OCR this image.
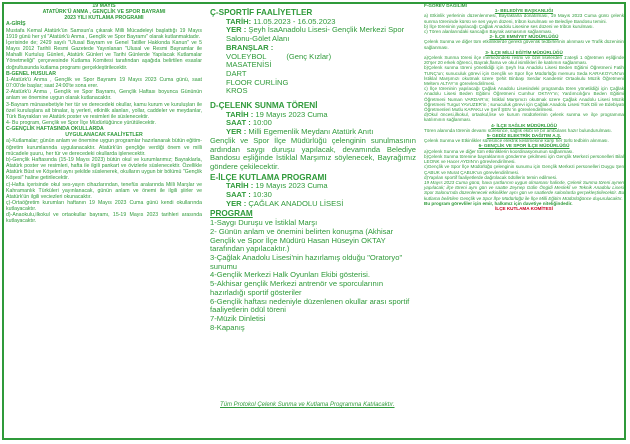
19 MAYIS
ATATÜRK'Ü ANMA , GENÇLİK VE SPOR BAYRAMI
2023 YILI KUTLAMA PROGRAMI
A-GİRİŞ

Mustafa Kemal Atatürk'ün Samsun'a çıkarak Milli Mücadeleyi başlattığı 19 Mayıs 1919 günü her yıl "Atatürk'ü Anma , Gençlik ve Spor Bayramı" olarak kutlanmaktadır.

İçerisinde de; 2429 sayılı "Ulusal Bayram ve Genel Tatiller Hakkında Kanun" ve 5 Mayıs 2012 Tarihli Resmi Gazetede Yayınlanan "Ulusal ve Resmi Bayramlar ile Mahalli Kurtuluş Günleri, Atatürk Günleri ve Tarihi Günlerde Yapılacak Kutlamalar Yönetmeliği" çerçevesinde Kutlama Komitesi tarafından aşağıda belirtilen esaslar doğrultusunda kutlama programı gerçekleştirilecektir.

B-GENEL HUSULAR

1-Atatürk'ü Anma , Gençlik ve Spor Bayramı 19 Mayıs 2023 Cuma günü, saat 07:00'de başlar; saat 24:00'te sona erer.

2-Atatürk'ü Anma , Gençlik ve Spor Bayramı, Gençlik Haftası boyunca Gününün anlam ve önemine uygun olarak kutlanacaktır.

3-Bayram münasebetiyle her tür ve derecedeki okullar, kamu kurum ve kuruluşları ile özel kuruluşlara ait binalar, iş yerleri, etkinlik alanları, yollar, caddeler ve meydanlar, Türk Bayrakları ve Atatürk poster ve resimleri ile süslenecektir.

4- Bu program, Gençlik ve Spor İlçe Müdürlüğünce yürütülecektir.

C-GENÇLİK HAFTASINDA OKULLARDA
UYGULANACAK FAALİYETLER

a)-Kutlamalar; günün anlam ve önemine uygun programlar hazırlanarak bütün eğitim-öğretim kurumlarında uygulanacaktır. Atatürk'ün gençliğe verdiği önem ve milli mücadele şuuru, her tür ve derecedeki okullarda işlenecektir.

b)-Gençlik Haftasında (15-19 Mayıs 2023) bütün okul ve kurumlarımız; Bayraklarla, Atatürk poster ve resimleri, hafta ile ilgili pankart ve övizlerle süslenecektir. Özellikle Atatürk Büst ve Köşeleri aynı şekilde süslenerek, okulların uygun bir bölümü "Gençlik Köşesi" haline getirilecektir.

c)-Hafta içerisinde okul ses-yayın cihazlarından, tenefüs aralarında Milli Marşlar ve Kahramanlık Türküleri yayınlanacak, günün anlam ve önemi ile ilgili şiirler ve Atatürk'ün ilgili veciezleri okunacaktır.

ç)-Ortaöğretim kurumları haftanın 19 Mayıs 2023 Cuma günü kendi okullarında kutlayacaktır.

d)-Anaokulu,ilkokul ve ortaokullar bayramı, 15-19 Mayıs 2023 tarihleri arasında kutlayacaktır.

Ç-SPORTİF FAALİYETLER

TARİH: 11.05.2023 - 16.05.2023

YER : Şeyh İsaAnadolu Lisesi- Gençlik Merkezi Spor Salonu-Gölet Alanı

BRANŞLAR :

VOLEYBOL	(Genç Kızlar)

MASATENİSİ

DART

FLOOR CURLİNG

KROS

D-ÇELENK SUNMA TÖRENİ

TARİH : 19 Mayıs 2023 Cuma

SAAT : 10:00

YER : Milli Egemenlik Meydanı Atatürk Anıtı

Gençlik ve Spor İlçe Müdürlüğü çelenginin sunulmasının ardından saygı duruşu yapılacak, devamında Belediye Bandosu eşliğinde İstiklal Marşımız söylenecek, Bayrağımız göndere çekilecektir.

E-İLÇE KUTLAMA PROGRAMI

TARİH : 19 Mayıs 2023 Cuma

SAAT : 10:30

YER : ÇAĞLAK ANADOLU LİSESİ

PROGRAM

1-Saygı Duruşu ve İstiklal Marşı

2- Günün anlam ve önemini belirten konuşma (Akhisar Gençlik ve Spor İlçe Müdürü Hasan Hüseyin OKTAY tarafından yapılacaktır.)

3-Çağlak Anadolu Lisesi'nin hazırlamış olduğu "Oratoryo" sunumu

4-Gençlik Merkezi Halk Oyunları Ekibi gösterisi.

5-Akhisar gençlik Merkezi antrenör ve sporcularının hazırladığı sportif gösteriler

6-Gençlik haftası nedeniyle düzenlenen okullar arası sportif faaliyetlerin ödül töreni

7-Müzik Dinletisi

8-Kapanış

Tüm Protokol Çelenk Sunma ve Kutlama Programına Katılacaktır.
F-GÖREV DAĞILIMI
1- BELEDİYE BAŞKANLIĞI

a) Etkinlik yerlerinin düzenlenmesi, Bayraklarla donatılması, 19 Mayıs 2023 Cuma günü çelenk sunma töreninde kürsü ve ses yayın düzeni, tribün kurulması ve Belediye Bandosu temini.

b) İlçe töreninin yapılacağı Çağlak Anadolu Lisesine ses düzeni ve tribün kurulması.

c) Tören alanlarındaki sancağın Bayrak asmasının sağlanması.

2- İLÇE EMNİYET MÜDÜRLÜĞÜ

Çelenk Sunma ve diğer tüm etkinliklerde gerekli güvenlik tedbirlerinin alınması ve Trafik düzeninin sağlanması.

3- İLÇE MİLLİ EĞİTİM MÜDÜRLÜĞÜ

a)Çelenk Sunma töreni ilçe merkezindeki resmi ve özel liselerden 1'ateşli 1 öğretmen eşliğinde 20'şer 20 erkek öğrenci, Bayrak,flama ve okul isimlikleri ile katılımın sağlanması.

b)Çelenk sunma töreni yönetildiği için Şeyh İsa Anadolu Lisesi Beden Eğitimi Öğretmeni Fatih TUNÇ'un; sunuculuk görevi için Gençlik ve Spor İlçe Müdürlüğü memuru Seda KARAKOYUN'un İstiklal Marşımızı okutmak üzere Şehit Binbaşı Serdar Kandemir Ortaokulu Müzik Öğretmeni Meltem ALTAY'ın görevlendirilmesi.

c) İlçe töreninin yapılacağı Çağlak Anadolu Lisesindeki programda tören yönetildiği için Çağlak Anadolu Lisesi Beden Eğitimi Öğretmeni Cumhur OKTAY'ın; Yardımcılığını Beden Eğitimi Öğretmeni Numan VARDAR'ın; İstiklal Marşımızı okutmak üzere Çağlak Anadolu Lisesi Müzik Öğretmeni Turgut YAVUZER'in ; sunuculuk görevi için Çağlak Anadolu Lisesi Türk Dili ve Edebiyatı Öğretmenleri Mutlu KAPAKLI ve Şerif ŞEN 'in görevlendirilmesi.

d)Okul öncesi,ilkokul, ortaokul,lise ve kurum müdürlerinin çelenk sunma ve ilçe programına katılımının sağlanması.

4- İLÇE SAĞLIK MÜDÜRLÜĞÜ

Tören alanında törenin devamı süresince, sağlık ekibi ve bir ambulans hazır bulundurulması.

5- GEDİZ ELEKTRİK DAĞITIM A.Ş.

Çelenk Sunma ve Etkinlikler süresince elektrik kesilmesine karşı her türlü tedbirin alınması.

6- GENÇLİK VE SPOR İLÇE MÜDÜRLÜĞÜ

a)Çelenk Sunma ve diğer tüm etkinliklerin koordinasyonunun sağlanması.

b)Çelenk Sunma törenine bayraklarının gönderme çekilmesi için Gençlik Merkezi personelleri Bilal LEONK ve Hacer AYDIN'ın görevlendirilmesi.

c)Gençlik ve Spor İlçe Müdürlüğü çelenginin sunumu için Gençlik Merkezi personelleri Duygu Şen ÇABUK ve Murat ÇABUK'un görevlendirilmesi.

d)Yapılan sportif faaliyetlerde dağıtılacak ödüllerin temin edilmesi.

19 Mayıs 2023 Cuma günü, hava şartlarının uygun olmaması halinde, Çelenk Sunma töreni aynen yapılacak; ilçe töreni aynı gün ve saatte Zeynep Gülin Öngidi Meslekî ve Teknik Anadolu Lisesi Spor Salonu'nda düzenlenecek etkinlikler aynı gün ve saatlerde salonlarda gerçekleştirilecektir. Bu kutlama belirtilen Gençlik ve Spor İlçe Müdürlüğü ile İlçe Milli Eğitim Müdürlüğünce duyurulacaktır.

Bu program görevliler için emir, halkımız için davetiye niteliğindedir.

İLÇE KUTLAMA KOMİTESİ
